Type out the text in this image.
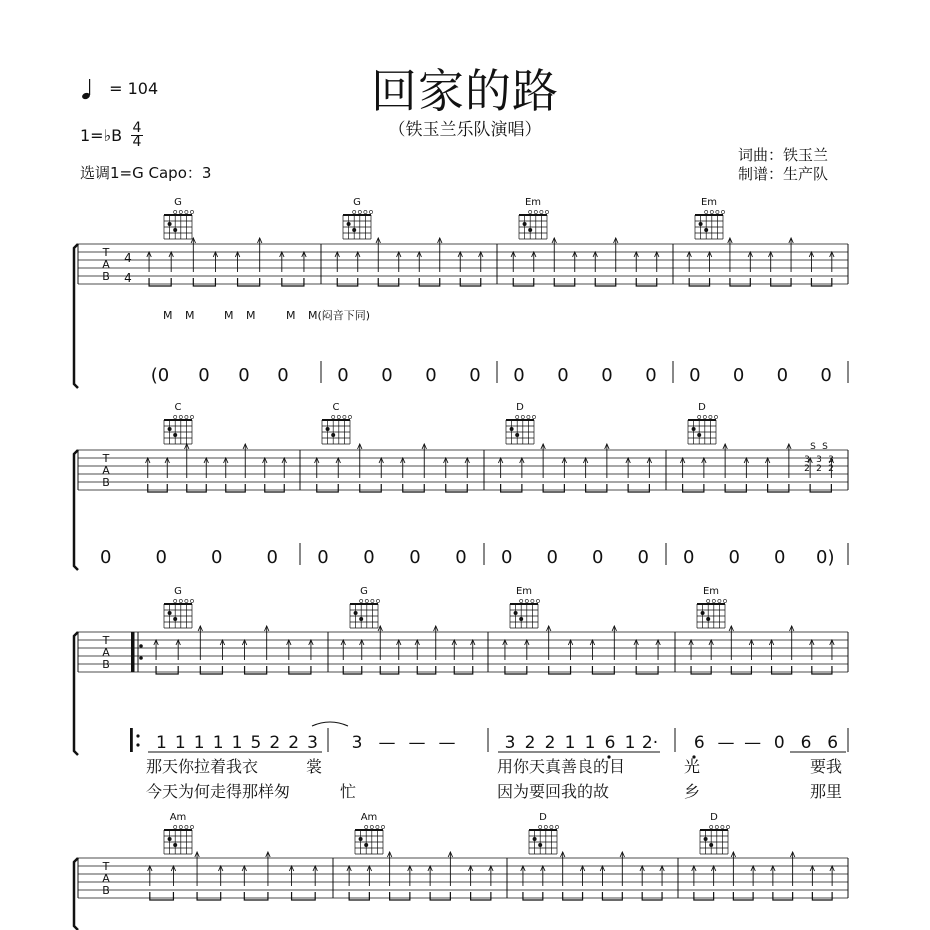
回家的路
（铁玉兰乐队演唱）
= 104
1=♭B 4
4
选调1=G Capo：3
词曲：铁玉兰
制谱：生产队
T
A
B
4
4
G	G	Em	Em
M M	M M	M M(闷音下同)
(0 0 0 0	0 0 0 0 0 0 0 0 0 0 0 0
T
A
B
C	C	D	D
S S
3
2
3
2
3
2
0 0 0 0 0 0 0 0 0 0 0 0 0 0 0 0)
T
A
B
G	G	Em	Em
1 1 1 1 1 5 2 2 3 3 — — —	3 2 2 1 1 6 1 2· 6 — — 0 6 6
那天你拉着我衣	裳	用你天真善良的目	光	要我
今天为何走得那样匆	忙	因为要回我的故	乡	那里
T
A
B
Am	Am	D	D
